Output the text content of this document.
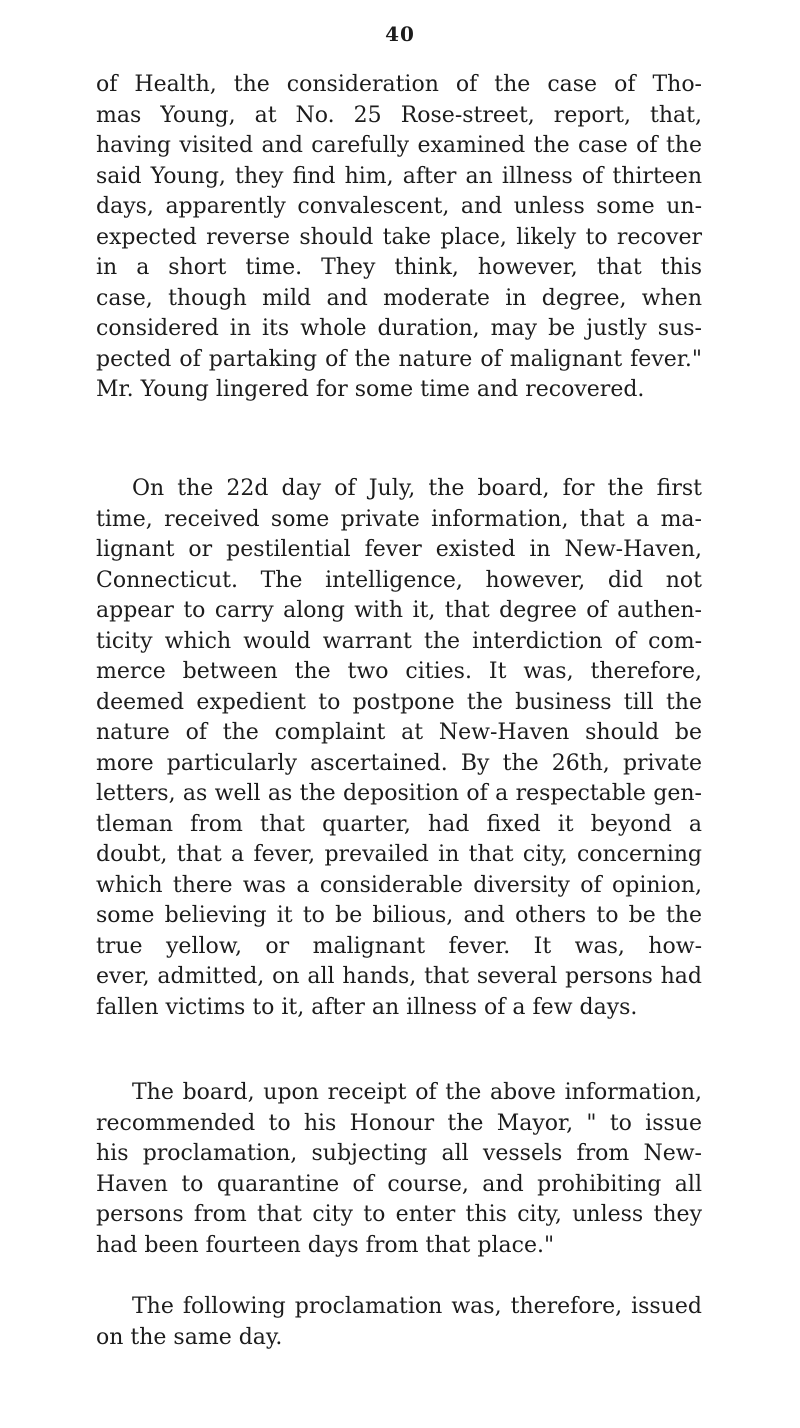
40
of Health, the consideration of the case of Tho-
mas Young, at No. 25 Rose-street, report, that,
having visited and carefully examined the case of the
said Young, they find him, after an illness of thirteen
days, apparently convalescent, and unless some un-
expected reverse should take place, likely to recover
in a short time. They think, however, that this
case, though mild and moderate in degree, when
considered in its whole duration, may be justly sus-
pected of partaking of the nature of malignant fever."
Mr. Young lingered for some time and recovered.
On the 22d day of July, the board, for the first
time, received some private information, that a ma-
lignant or pestilential fever existed in New-Haven,
Connecticut. The intelligence, however, did not
appear to carry along with it, that degree of authen-
ticity which would warrant the interdiction of com-
merce between the two cities. It was, therefore,
deemed expedient to postpone the business till the
nature of the complaint at New-Haven should be
more particularly ascertained. By the 26th, private
letters, as well as the deposition of a respectable gen-
tleman from that quarter, had fixed it beyond a
doubt, that a fever, prevailed in that city, concerning
which there was a considerable diversity of opinion,
some believing it to be bilious, and others to be the
true yellow, or malignant fever. It was, how-
ever, admitted, on all hands, that several persons had
fallen victims to it, after an illness of a few days.
The board, upon receipt of the above information,
recommended to his Honour the Mayor, " to issue
his proclamation, subjecting all vessels from New-
Haven to quarantine of course, and prohibiting all
persons from that city to enter this city, unless they
had been fourteen days from that place."
The following proclamation was, therefore, issued
on the same day.
